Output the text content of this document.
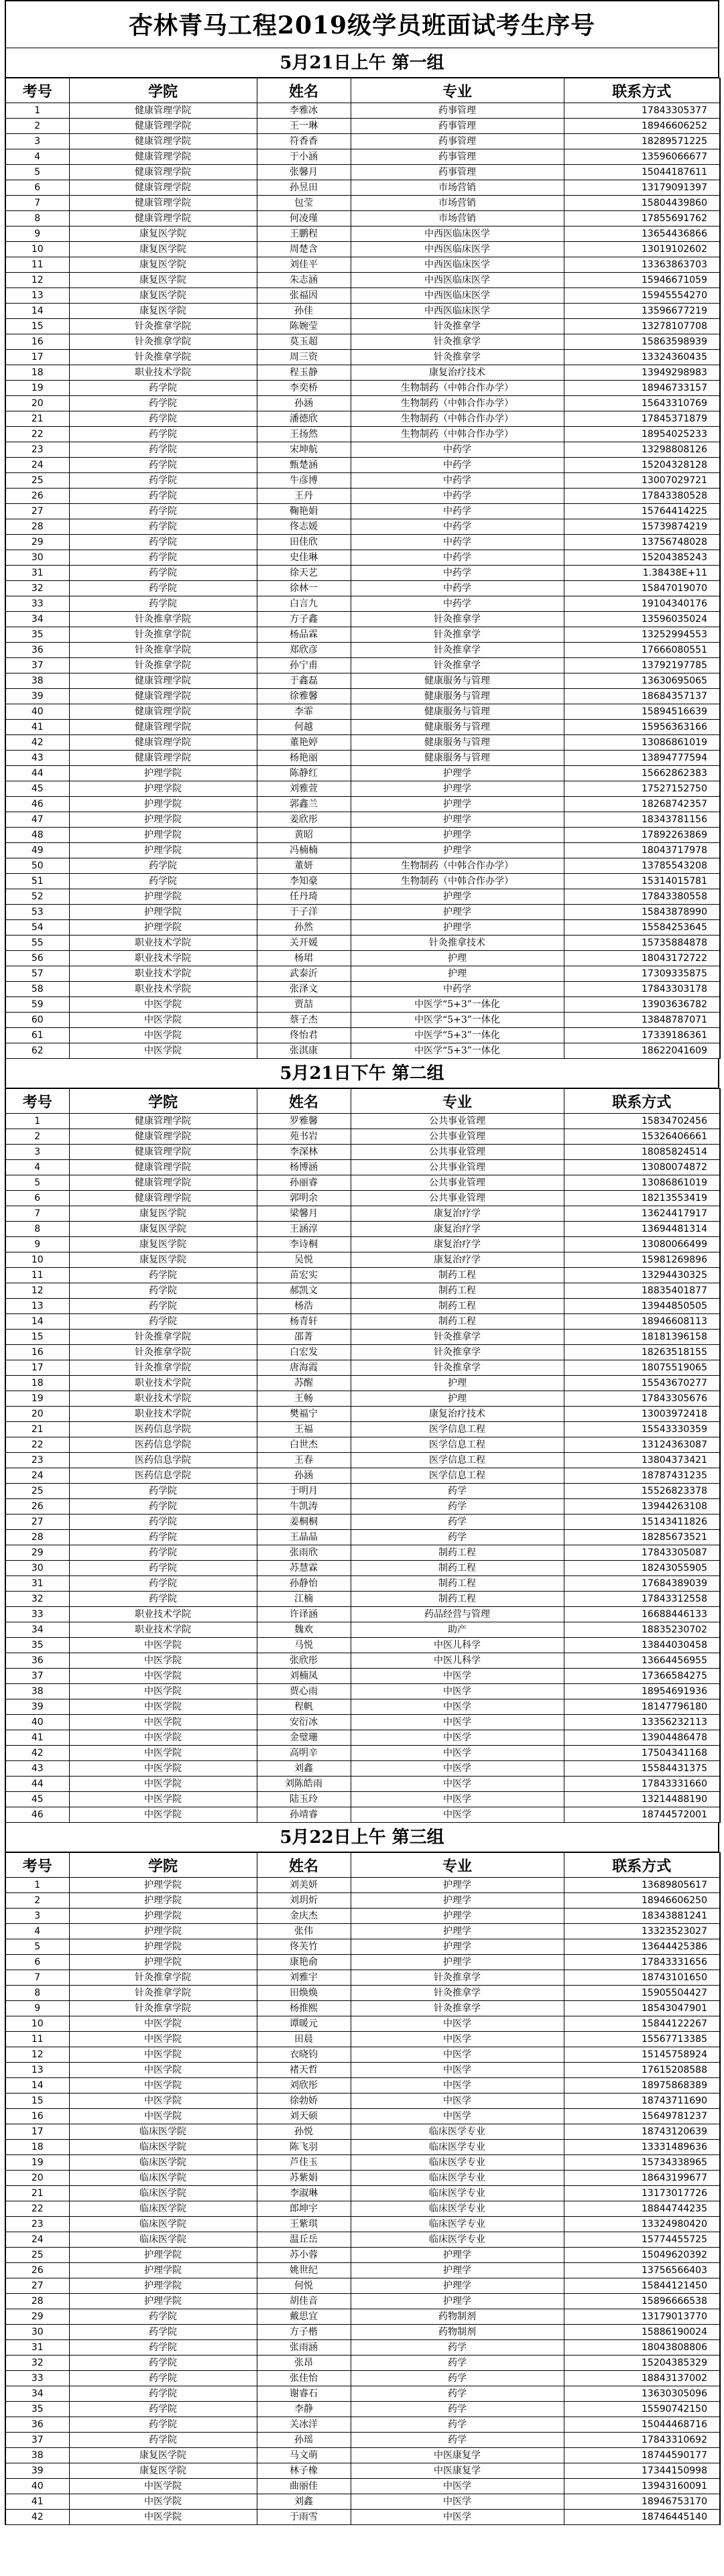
杏林青马工程2019级学员班面试考生序号
5月21日上午 第一组
考号	学院	姓名	专业	联系方式
1	健康管理学院	李雅冰	药事管理	17843305377
2	健康管理学院	王一琳	药事管理	18946606252
3	健康管理学院	符香香	药事管理	18289571225
4	健康管理学院	于小涵	药事管理	13596066677
5	健康管理学院	张馨月	药事管理	15044187611
6	健康管理学院	孙昱田	市场营销	13179091397
7	健康管理学院	包莹	市场营销	15804439860
8	健康管理学院	何凌瑾	市场营销	17855691762
9	康复医学院	王鹏程	中西医临床医学	13654436866
10	康复医学院	周楚含	中西医临床医学	13019102602
11	康复医学院	刘佳平	中西医临床医学	13363863703
12	康复医学院	朱志涵	中西医临床医学	15946671059
13	康复医学院	张福因	中西医临床医学	15945554270
14	康复医学院	孙佳	中西医临床医学	13596677219
15	针灸推拿学院	陈婉莹	针灸推拿学	13278107708
16	针灸推拿学院	莫玉超	针灸推拿学	15863598939
17	针灸推拿学院	周三资	针灸推拿学	13324360435
18	职业技术学院	程玉静	康复治疗技术	13949298983
19	药学院	李奕桥	生物制药（中韩合作办学）	18946733157
20	药学院	孙涵	生物制药（中韩合作办学）	15643310769
21	药学院	潘德欣	生物制药（中韩合作办学）	17845371879
22	药学院	王扬然	生物制药（中韩合作办学）	18954025233
23	药学院	宋坤航	中药学	13298808126
24	药学院	甄楚涵	中药学	15204328128
25	药学院	牛彦博	中药学	13007029721
26	药学院	王丹	中药学	17843380528
27	药学院	鞠艳娟	中药学	15764414225
28	药学院	佟志媛	中药学	15739874219
29	药学院	田佳欣	中药学	13756748028
30	药学院	史佳琳	中药学	15204385243
31	药学院	徐天艺	中药学	1.38438E+11
32	药学院	徐林一	中药学	15847019070
33	药学院	白言九	中药学	19104340176
34	针灸推拿学院	方子鑫	针灸推拿学	13596035024
35	针灸推拿学院	杨品霖	针灸推拿学	13252994553
36	针灸推拿学院	郑欣彦	针灸推拿学	17666080551
37	针灸推拿学院	孙宁甫	针灸推拿学	13792197785
38	健康管理学院	于鑫磊	健康服务与管理	13630695065
39	健康管理学院	徐雅馨	健康服务与管理	18684357137
40	健康管理学院	李霏	健康服务与管理	15894516639
41	健康管理学院	何越	健康服务与管理	15956363166
42	健康管理学院	董艳婷	健康服务与管理	13086861019
43	健康管理学院	杨艳丽	健康服务与管理	13894777594
44	护理学院	陈静红	护理学	15662862383
45	护理学院	刘雅萱	护理学	17527152750
46	护理学院	郭鑫兰	护理学	18268742357
47	护理学院	姜欣彤	护理学	18343781156
48	护理学院	黄昭	护理学	17892263869
49	护理学院	冯楠楠	护理学	18043717978
50	药学院	董妍	生物制药（中韩合作办学）	13785543208
51	药学院	李知豪	生物制药（中韩合作办学）	15314015781
52	护理学院	任丹琦	护理学	17843380558
53	护理学院	于子洋	护理学	15843878990
54	护理学院	孙然	护理学	15584253645
55	职业技术学院	关开媛	针灸推拿技术	15735884878
56	职业技术学院	杨珺	护理	18043172722
57	职业技术学院	武泰沂	护理	17309335875
58	职业技术学院	张泽文	中药学	17843303178
59	中医学院	贾喆	中医学“5+3”一体化	13903636782
60	中医学院	蔡子杰	中医学“5+3”一体化	13848787071
61	中医学院	佟怡君	中医学“5+3”一体化	17339186361
62	中医学院	张淇康	中医学“5+3”一体化	18622041609
5月21日下午 第二组
考号	学院	姓名	专业	联系方式
1	健康管理学院	罗雅馨	公共事业管理	15834702456
2	健康管理学院	苑书岩	公共事业管理	15326406661
3	健康管理学院	李深林	公共事业管理	18085824514
4	健康管理学院	杨博涵	公共事业管理	13080074872
5	健康管理学院	孙丽睿	公共事业管理	13086861019
6	健康管理学院	郭明余	公共事业管理	18213553419
7	康复医学院	梁馨月	康复治疗学	13624417917
8	康复医学院	王涵淳	康复治疗学	13694481314
9	康复医学院	李诗桐	康复治疗学	13080066499
10	康复医学院	吴悦	康复治疗学	15981269896
11	药学院	苗宏实	制药工程	13294430325
12	药学院	郝凯文	制药工程	18835401877
13	药学院	杨浩	制药工程	13944850505
14	药学院	杨青轩	制药工程	18946608113
15	针灸推拿学院	邵菁	针灸推拿学	18181396158
16	针灸推拿学院	白宏发	针灸推拿学	18263518155
17	针灸推拿学院	唐海霞	针灸推拿学	18075519065
18	职业技术学院	苏醒	护理	15543670277
19	职业技术学院	王畅	护理	17843305676
20	职业技术学院	樊福宁	康复治疗技术	13003972418
21	医药信息学院	王福	医学信息工程	15543330359
22	医药信息学院	白世杰	医学信息工程	13124363087
23	医药信息学院	王春	医学信息工程	13804373421
24	医药信息学院	孙涵	医学信息工程	18787431235
25	药学院	于明月	药学	15526823378
26	药学院	牛凯涛	药学	13944263108
27	药学院	姜桐桐	药学	15143411826
28	药学院	王晶晶	药学	18285673521
29	药学院	张雨欣	制药工程	17843305087
30	药学院	苏慧霖	制药工程	18243055905
31	药学院	孙静怡	制药工程	17684389039
32	药学院	江楠	制药工程	17843312558
33	职业技术学院	许译涵	药品经营与管理	16688446133
34	职业技术学院	魏欢	助产	18835230702
35	中医学院	马悦	中医儿科学	13844030458
36	中医学院	张欣彤	中医儿科学	13664456955
37	中医学院	刘楠凤	中医学	17366584275
38	中医学院	贾心雨	中医学	18954691936
39	中医学院	程帆	中医学	18147796180
40	中医学院	安衍冰	中医学	13356232113
41	中医学院	金璧珊	中医学	13904486478
42	中医学院	高明辛	中医学	17504341168
43	中医学院	刘鑫	中医学	15584431375
44	中医学院	刘陈皓雨	中医学	17843331660
45	中医学院	陆玉玲	中医学	13214488190
46	中医学院	孙靖睿	中医学	18744572001
5月22日上午 第三组
考号	学院	姓名	专业	联系方式
1	护理学院	刘美妍	护理学	13689805617
2	护理学院	刘玥炘	护理学	18946606250
3	护理学院	金庆杰	护理学	18343881241
4	护理学院	张伟	护理学	13323523027
5	护理学院	佟芙竹	护理学	13644425386
6	护理学院	康艳俞	护理学	17843331656
7	针灸推拿学院	刘雅宇	针灸推拿学	18743101650
8	针灸推拿学院	田焕焕	针灸推拿学	15905504427
9	针灸推拿学院	杨推熙	针灸推拿学	18543047901
10	中医学院	谭暖元	中医学	15844122267
11	中医学院	田晨	中医学	15567713385
12	中医学院	衣晓钧	中医学	15145758924
13	中医学院	褚天哲	中医学	17615208588
14	中医学院	刘欣彤	中医学	18975868389
15	中医学院	徐勃娇	中医学	18743711690
16	中医学院	刘天硕	中医学	15649781237
17	临床医学院	孙悦	临床医学专业	18743120639
18	临床医学院	陈飞羽	临床医学专业	13331489636
19	临床医学院	芦佳玉	临床医学专业	15734338965
20	临床医学院	苏紫娟	临床医学专业	18643199677
21	临床医学院	李淑琳	临床医学专业	13173017726
22	临床医学院	郎坤宇	临床医学专业	18844744235
23	临床医学院	王紫琪	临床医学专业	13324980420
24	临床医学院	温丘岳	临床医学专业	15774455725
25	护理学院	苏小蓉	护理学	15049620392
26	护理学院	姚世纪	护理学	13756566403
27	护理学院	何悦	护理学	15844121450
28	护理学院	胡佳音	护理学	15896666538
29	药学院	戴思宜	药物制剂	13179013770
30	药学院	方子楷	药物制剂	15886190024
31	药学院	张雨涵	药学	18043808806
32	药学院	张昂	药学	15204385329
33	药学院	张佳怡	药学	18843137002
34	药学院	谢睿石	药学	13630305096
35	药学院	李静	药学	15590742150
36	药学院	关冰洋	药学	15044468716
37	药学院	孙瑶	药学	17843310692
38	康复医学院	马文萌	中医康复学	18744590177
39	康复医学院	林子橡	中医康复学	17344150998
40	中医学院	曲丽佳	中医学	13943160091
41	中医学院	刘鑫	中医学	18946753170
42	中医学院	于雨雪	中医学	18746445140
